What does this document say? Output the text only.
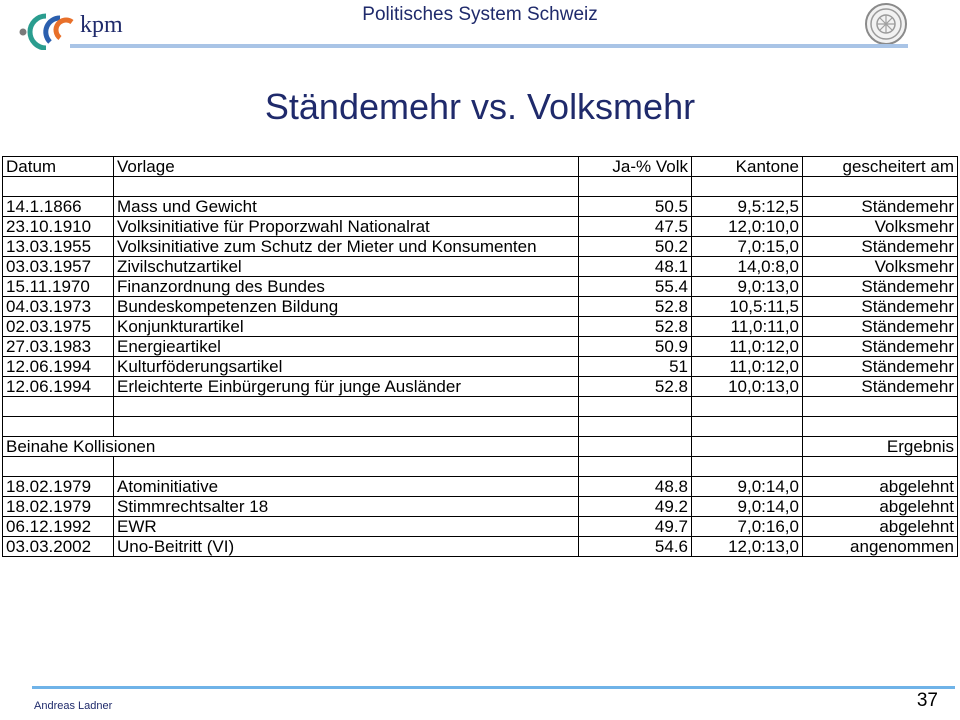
kpm	Politisches System Schweiz
Ständemehr vs. Volksmehr
Datum	Vorlage	Ja-% Volk	Kantone	gescheitert am

14.1.1866	Mass und Gewicht	50.5	9,5:12,5	Ständemehr
23.10.1910	Volksinitiative für Proporzwahl Nationalrat	47.5	12,0:10,0	Volksmehr
13.03.1955	Volksinitiative zum Schutz der Mieter und Konsumenten	50.2	7,0:15,0	Ständemehr
03.03.1957	Zivilschutzartikel	48.1	14,0:8,0	Volksmehr
15.11.1970	Finanzordnung des Bundes	55.4	9,0:13,0	Ständemehr
04.03.1973	Bundeskompetenzen Bildung	52.8	10,5:11,5	Ständemehr
02.03.1975	Konjunkturartikel	52.8	11,0:11,0	Ständemehr
27.03.1983	Energieartikel	50.9	11,0:12,0	Ständemehr
12.06.1994	Kulturföderungsartikel	51	11,0:12,0	Ständemehr
12.06.1994	Erleichterte Einbürgerung für junge Ausländer	52.8	10,0:13,0	Ständemehr

Beinahe Kollisionen				Ergebnis

18.02.1979	Atominitiative	48.8	9,0:14,0	abgelehnt
18.02.1979	Stimmrechtsalter 18	49.2	9,0:14,0	abgelehnt
06.12.1992	EWR	49.7	7,0:16,0	abgelehnt
03.03.2002	Uno-Beitritt (VI)	54.6	12,0:13,0	angenommen
Andreas Ladner	37
